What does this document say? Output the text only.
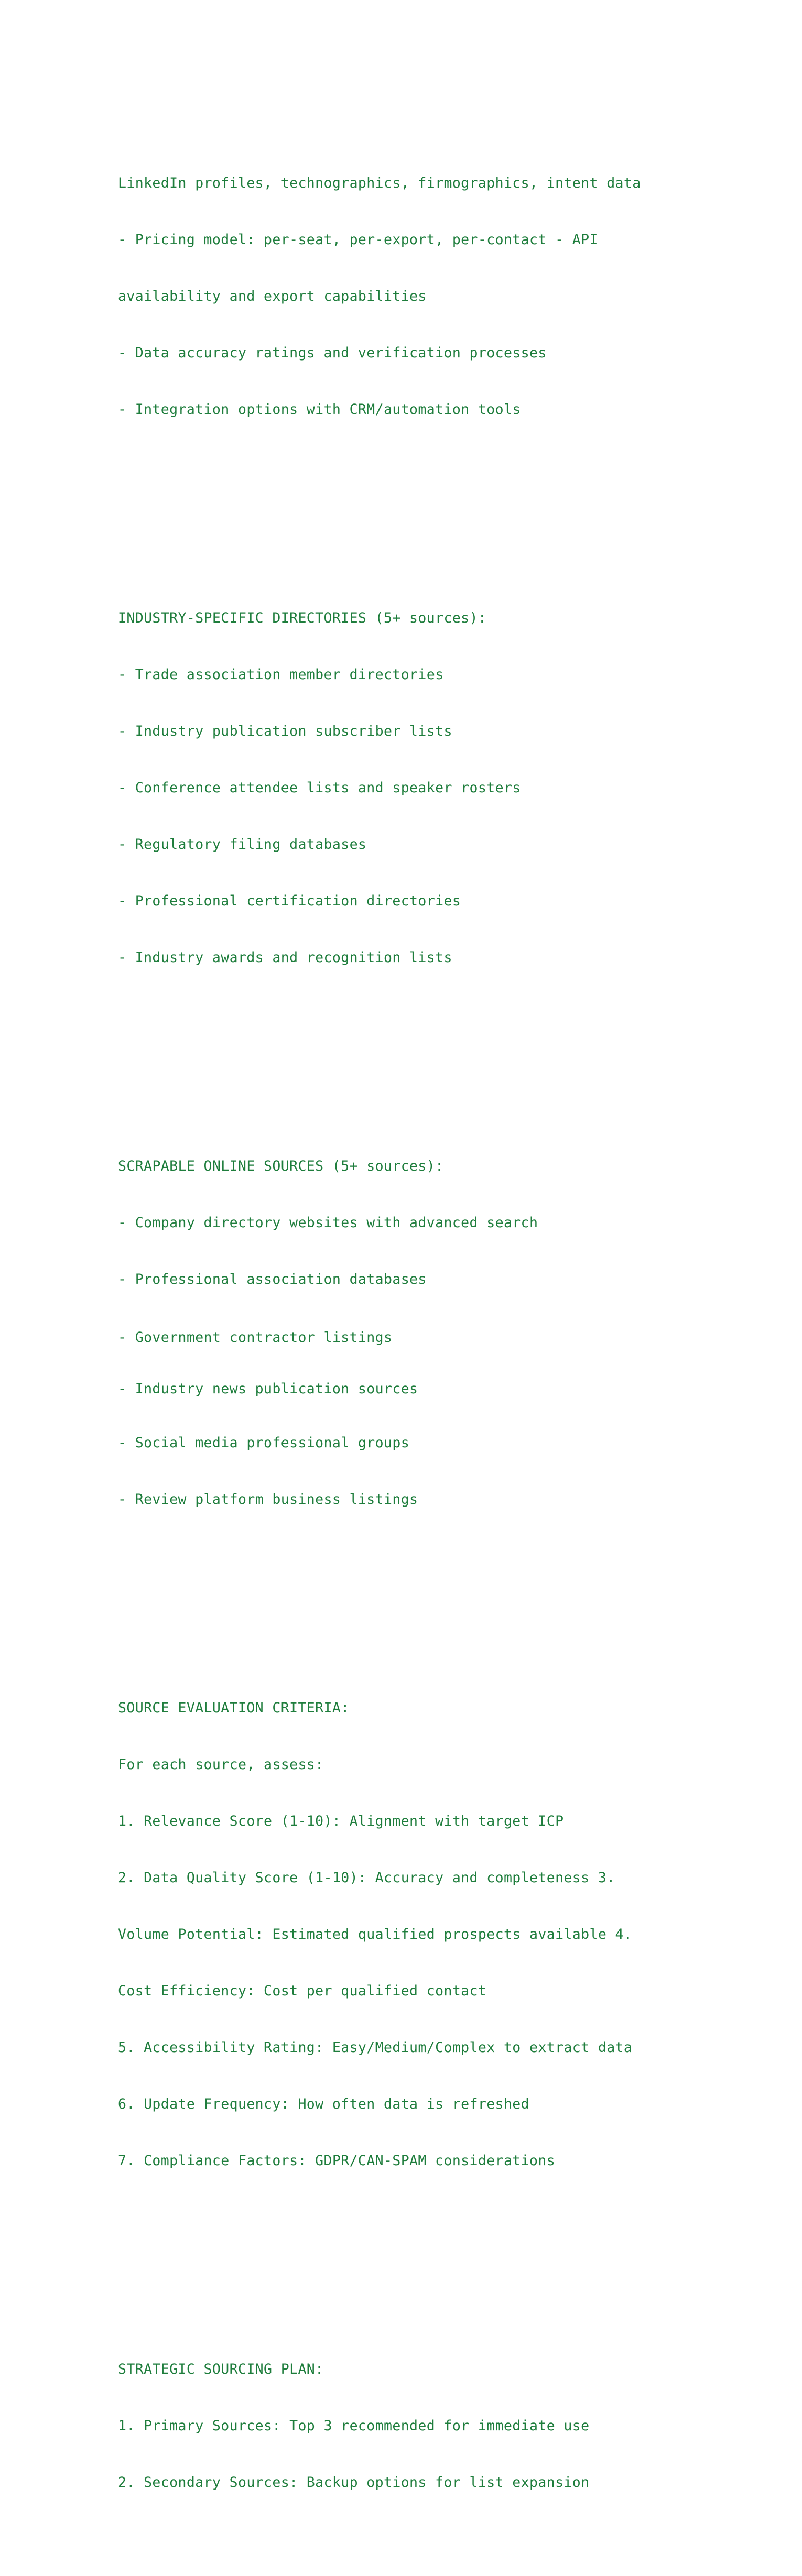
LinkedIn profiles, technographics, firmographics, intent data

- Pricing model: per-seat, per-export, per-contact - API

availability and export capabilities

- Data accuracy ratings and verification processes

- Integration options with CRM/automation tools

INDUSTRY-SPECIFIC DIRECTORIES (5+ sources):

- Trade association member directories

- Industry publication subscriber lists

- Conference attendee lists and speaker rosters

- Regulatory filing databases

- Professional certification directories

- Industry awards and recognition lists

SCRAPABLE ONLINE SOURCES (5+ sources):

- Company directory websites with advanced search

- Professional association databases

- Government contractor listings

- Industry news publication sources

- Social media professional groups

- Review platform business listings

SOURCE EVALUATION CRITERIA:

For each source, assess:

1. Relevance Score (1-10): Alignment with target ICP

2. Data Quality Score (1-10): Accuracy and completeness 3.

Volume Potential: Estimated qualified prospects available 4.

Cost Efficiency: Cost per qualified contact

5. Accessibility Rating: Easy/Medium/Complex to extract data

6. Update Frequency: How often data is refreshed

7. Compliance Factors: GDPR/CAN-SPAM considerations

STRATEGIC SOURCING PLAN:

1. Primary Sources: Top 3 recommended for immediate use

2. Secondary Sources: Backup options for list expansion
